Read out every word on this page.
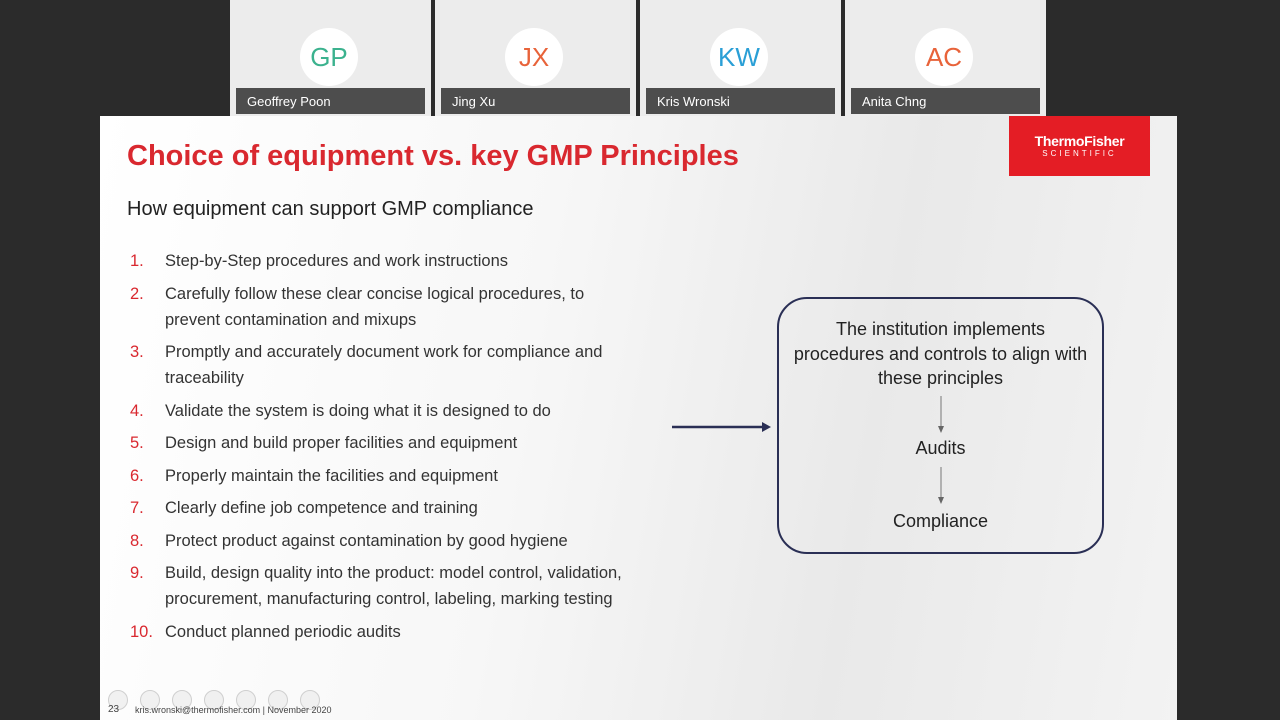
GP
Geoffrey Poon
JX
Jing Xu
KW
Kris Wronski
AC
Anita Chng
Choice of equipment vs. key GMP Principles	ThermoFisher
SCIENTIFIC
How equipment can support GMP compliance
1.	Step-by-Step procedures and work instructions
2.	Carefully follow these clear concise logical procedures, to prevent contamination and mixups
3.	Promptly and accurately document work for compliance and traceability
4.	Validate the system is doing what it is designed to do
5.	Design and build proper facilities and equipment
6.	Properly maintain the facilities and equipment
7.	Clearly define job competence and training
8.	Protect product against contamination by good hygiene
9.	Build, design quality into the product: model control, validation, procurement, manufacturing control, labeling, marking testing
10. Conduct planned periodic audits
The institution implements procedures and controls to align with these principles
Audits
Compliance
23 kris.wronski@thermofisher.com | November 2020
